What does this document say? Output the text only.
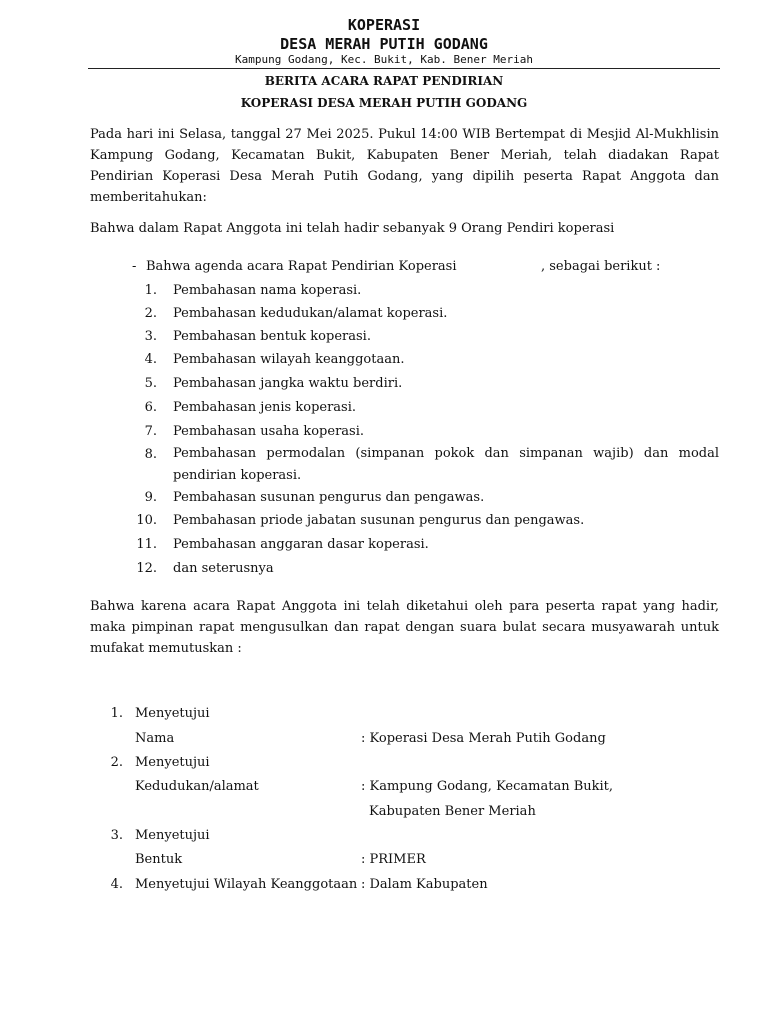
KOPERASI
DESA MERAH PUTIH GODANG
Kampung Godang, Kec. Bukit, Kab. Bener Meriah
BERITA ACARA RAPAT PENDIRIAN
KOPERASI DESA MERAH PUTIH GODANG
Pada hari ini Selasa, tanggal 27 Mei 2025. Pukul 14:00 WIB Bertempat di Mesjid Al-Mukhlisin Kampung Godang, Kecamatan Bukit, Kabupaten Bener Meriah, telah diadakan Rapat Pendirian Koperasi Desa Merah Putih Godang, yang dipilih peserta Rapat Anggota dan memberitahukan:
Bahwa dalam Rapat Anggota ini telah hadir sebanyak 9 Orang Pendiri koperasi
- Bahwa agenda acara Rapat Pendirian Koperasi	, sebagai berikut :
1. Pembahasan nama koperasi.
2. Pembahasan kedudukan/alamat koperasi.
3. Pembahasan bentuk koperasi.
4. Pembahasan wilayah keanggotaan.
5. Pembahasan jangka waktu berdiri.
6. Pembahasan jenis koperasi.
7. Pembahasan usaha koperasi.
8. Pembahasan permodalan (simpanan pokok dan simpanan wajib) dan modal pendirian koperasi.
9. Pembahasan susunan pengurus dan pengawas.
10. Pembahasan priode jabatan susunan pengurus dan pengawas.
11. Pembahasan anggaran dasar koperasi.
12. dan seterusnya
Bahwa karena acara Rapat Anggota ini telah diketahui oleh para peserta rapat yang hadir, maka pimpinan rapat mengusulkan dan rapat dengan suara bulat secara musyawarah untuk mufakat memutuskan :
1. Menyetujui
Nama	: Koperasi Desa Merah Putih Godang
2. Menyetujui
Kedudukan/alamat	: Kampung Godang, Kecamatan Bukit,
Kabupaten Bener Meriah
3. Menyetujui
Bentuk	: PRIMER
4. Menyetujui Wilayah Keanggotaan : Dalam Kabupaten
